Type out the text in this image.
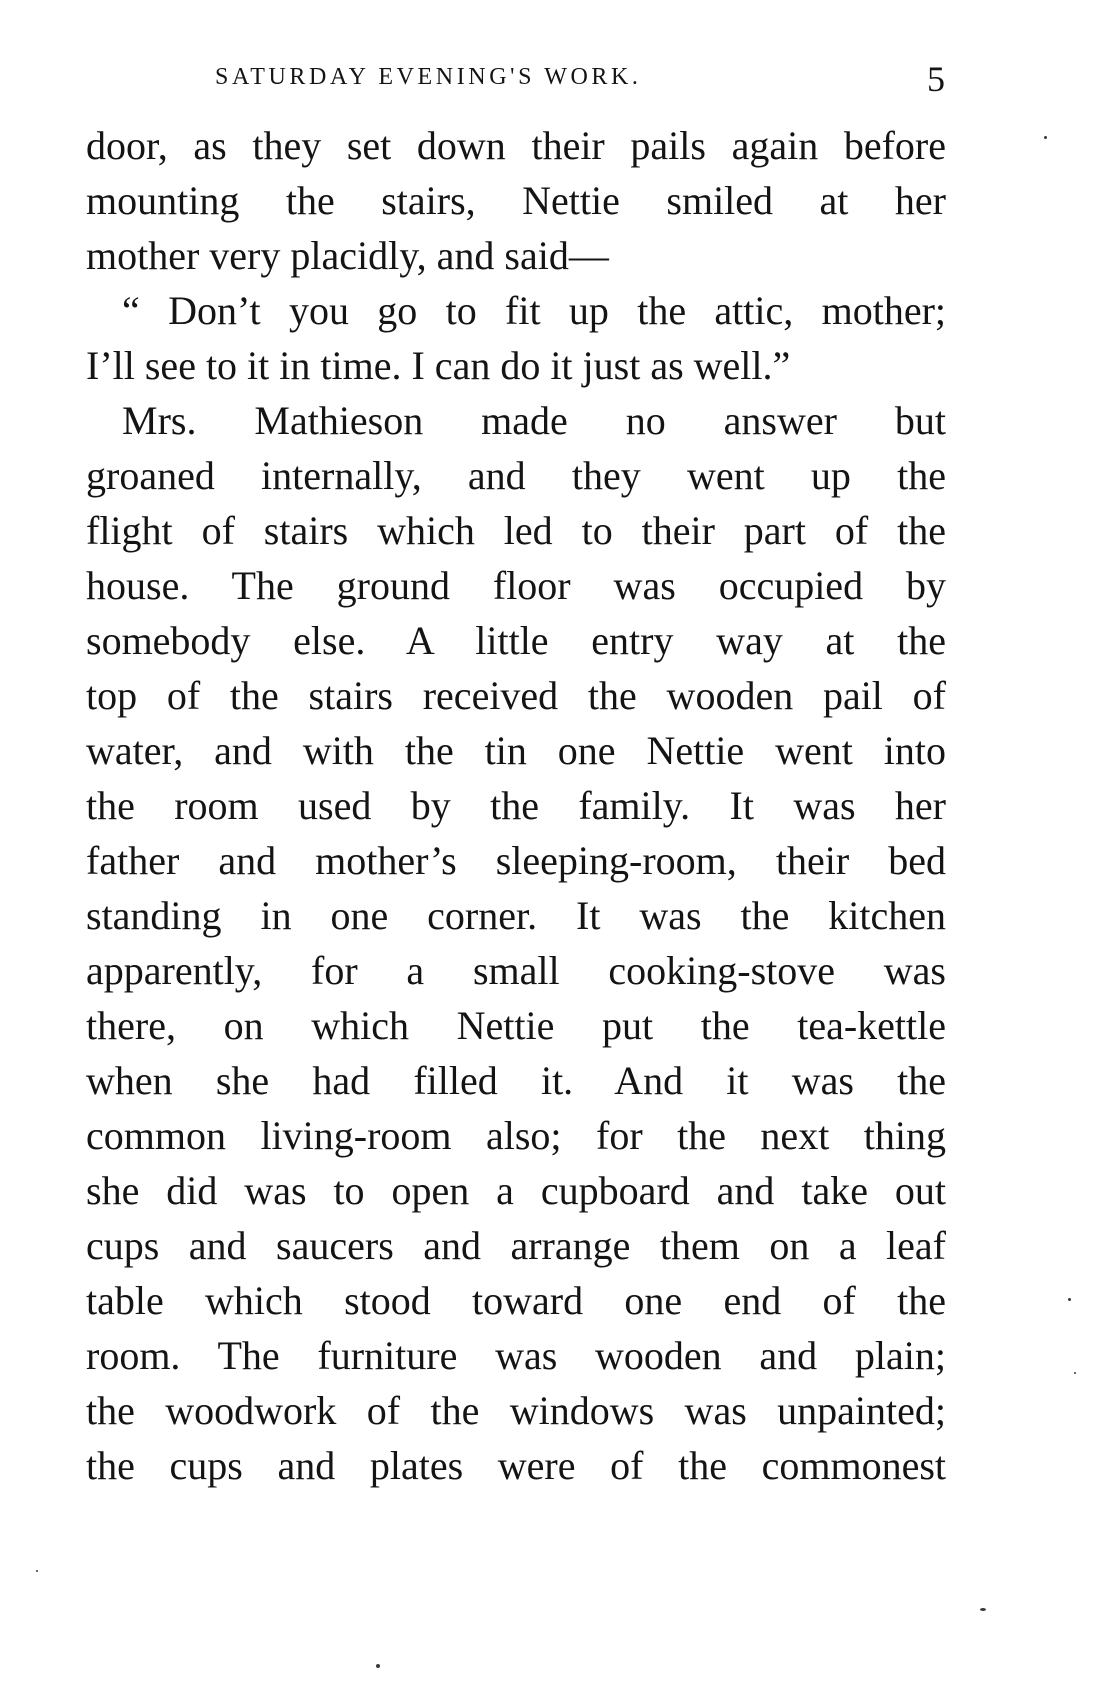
SATURDAY EVENING'S WORK.	5
door, as they set down their pails again before
mounting the stairs, Nettie smiled at her
mother very placidly, and said—
“ Don’t you go to fit up the attic, mother;
I’ll see to it in time. I can do it just as well.”
Mrs. Mathieson made no answer but
groaned internally, and they went up the
flight of stairs which led to their part of the
house. The ground floor was occupied by
somebody else. A little entry way at the
top of the stairs received the wooden pail of
water, and with the tin one Nettie went into
the room used by the family. It was her
father and mother’s sleeping-room, their bed
standing in one corner. It was the kitchen
apparently, for a small cooking-stove was
there, on which Nettie put the tea-kettle
when she had filled it. And it was the
common living-room also; for the next thing
she did was to open a cupboard and take out
cups and saucers and arrange them on a leaf
table which stood toward one end of the
room. The furniture was wooden and plain;
the woodwork of the windows was unpainted;
the cups and plates were of the commonest
